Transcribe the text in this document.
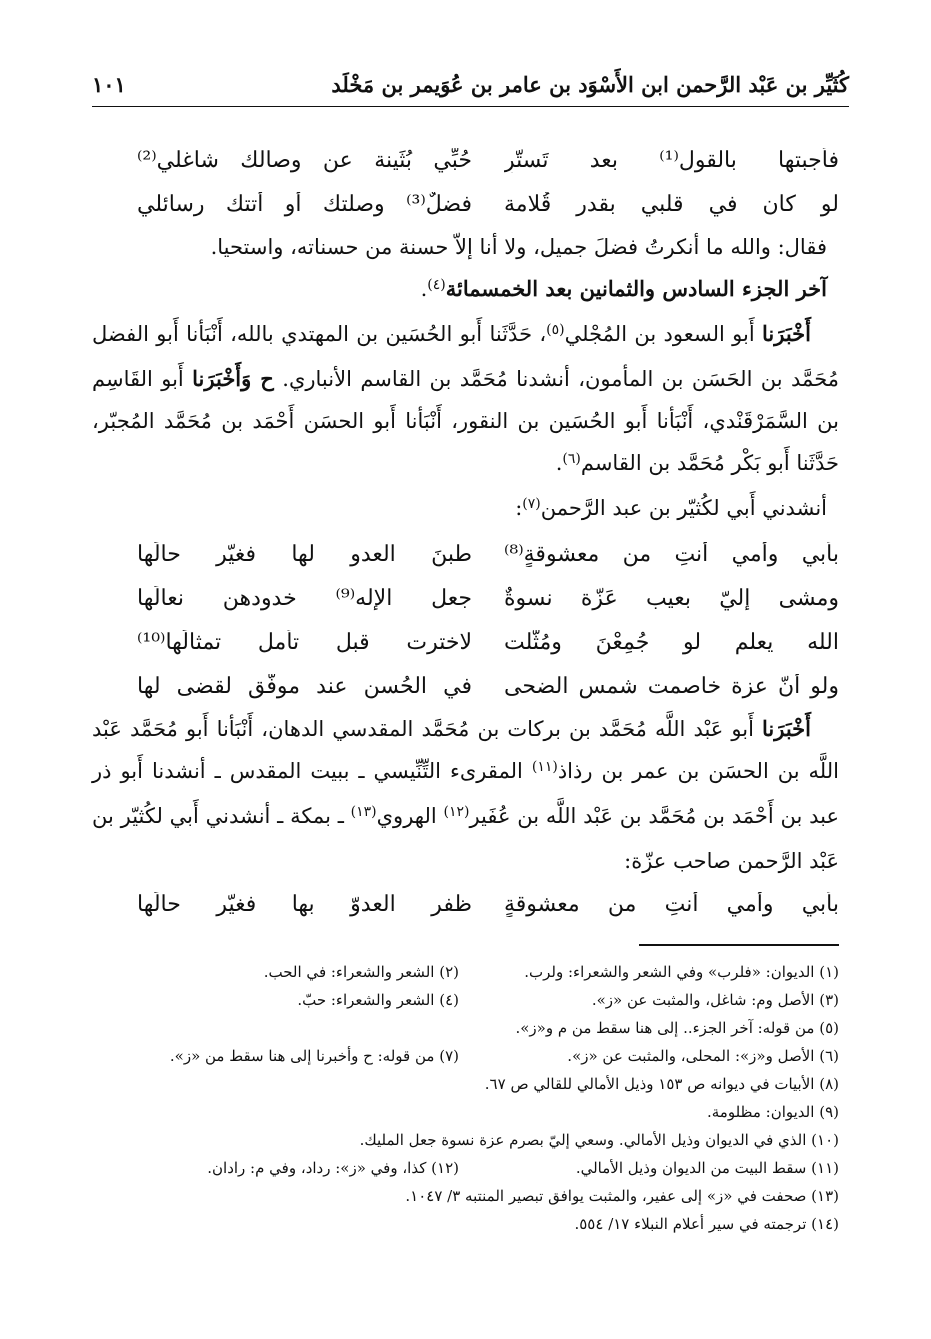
كُثَيِّر بن عَبْد الرَّحمن ابن الأَسْوَد بن عامر بن عُوَيمر بن مَخْلَد
١٠١
فأجبتها بالقول⁽¹⁾ بعد تَستّرٍ
حُبِّي بُثَينة عن وصالك شاغلي⁽²⁾
لو كان في قلبي بقدر قُلامة
فضلٌ⁽³⁾ وصلتك أو أتتك رسائلي

فقال: والله ما أنكرتُ فضلَ جميل، ولا أنا إلاّ حسنة من حسناته، واستحيا.

آخر الجزء السادس والثمانين بعد الخمسمائة$^{(٤)}$.

أَخْبَرَنا أَبو السعود بن المُجْلي$^{(٥)}$، حَدَّثَنا أَبو الحُسَين بن المهتدي بالله، أَنْبَأنا أَبو الفضل مُحَمَّد بن الحَسَن بن المأمون، أنشدنا مُحَمَّد بن القاسم الأنباري. ح وَأَخْبَرَنا أَبو القَاسِم بن السَّمَرْقَنْدي، أَنْبَأنا أَبو الحُسَين بن النقور، أَنْبَأنا أَبو الحسَن أَحْمَد بن مُحَمَّد المُجبّر، حَدَّثَنا أَبو بَكْر مُحَمَّد بن القاسم$^{(٦)}$.

أنشدني أَبي لكُثيّر بن عبد الرَّحمن$^{(٧)}$:

بأَبي وأمي أنتِ من معشوقةٍ⁽⁸⁾
طبنَ العدو لها فغيّر حالَها
ومشى إليّ بعيب عَزّة نسوةٌ
جعل الإله⁽⁹⁾ خدودهن نعالَها
الله يعلم لو جُمِعْنَ ومُثّلت
لاخترت قبل تأمل تمثالَها⁽¹⁰⁾
ولو أنّ عزة خاصمت شمس الضحى
في الحُسن عند موفّق لقضى لها

أَخْبَرَنا أَبو عَبْد اللَّه مُحَمَّد بن بركات بن مُحَمَّد المقدسي الدهان، أَنْبَأنا أَبو مُحَمَّد عَبْد اللَّه بن الحسَن بن عمر بن رذاذ$^{(١١)}$ المقرىء التِّنِّيسي ـ ببيت المقدس ـ أنشدنا أَبو ذر عبد بن أَحْمَد بن مُحَمَّد بن عَبْد اللَّه بن عُفَير$^{(١٢)}$ الهروي$^{(١٣)}$ ـ بمكة ـ أنشدني أَبي لكُثيّر بن عَبْد الرَّحمن صاحب عزّة:

بأَبي وأمي أنتِ من معشوقةٍ
ظفر العدوّ بها فغيّر حالَها
(١) الديوان: «فلرب» وفي الشعر والشعراء: ولرب.
(٢) الشعر والشعراء: في الحب.
(٣) الأصل وم: شاغل، والمثبت عن «ز».
(٤) الشعر والشعراء: حبّ.
(٥) من قوله: آخر الجزء.. إلى هنا سقط من م و«ز».
(٦) الأصل و«ز»: المحلى، والمثبت عن «ز».
(٧) من قوله: ح وأخبرنا إلى هنا سقط من «ز».
(٨) الأبيات في ديوانه ص ١٥٣ وذيل الأمالي للقالي ص ٦٧.
(٩) الديوان: مظلومة.
(١٠) الذي في الديوان وذيل الأمالي. وسعي إليّ بصرم عزة نسوة جعل المليك.
(١١) سقط البيت من الديوان وذيل الأمالي.
(١٢) كذا، وفي «ز»: رداد، وفي م: رادان.
(١٣) صحفت في «ز» إلى عفير، والمثبت يوافق تبصير المنتبه ٣/ ١٠٤٧.
(١٤) ترجمته في سير أعلام النبلاء ١٧/ ٥٥٤.
